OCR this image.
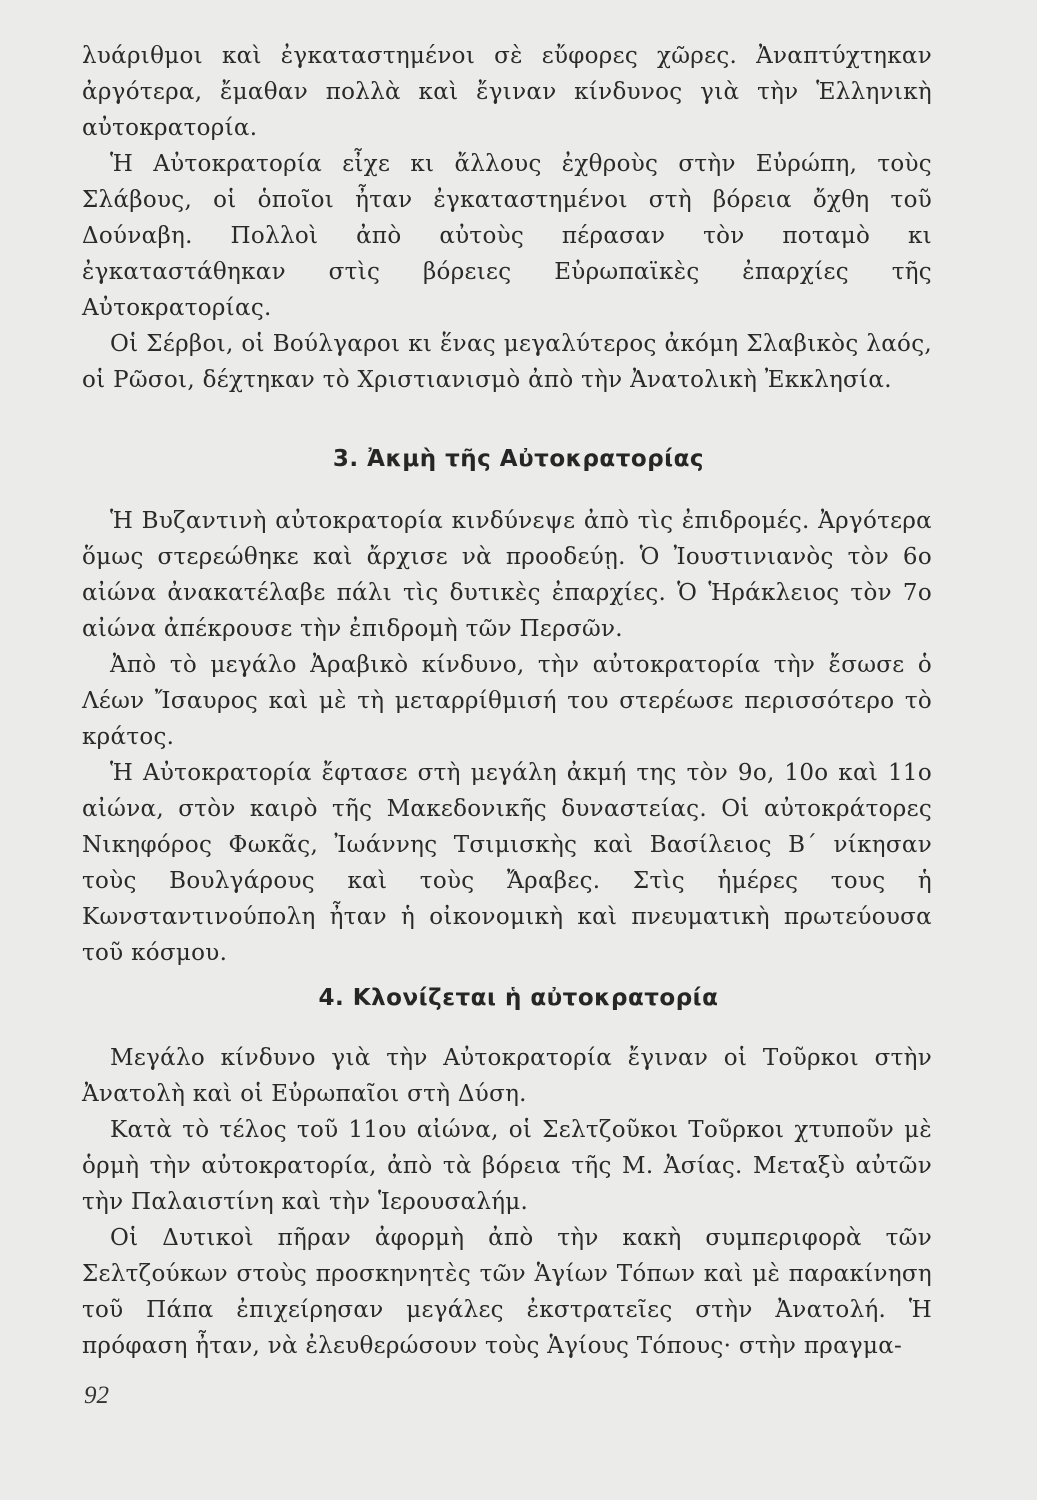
λυάριθμοι καὶ ἐγκαταστημένοι σὲ εὔφορες χῶρες. Ἀναπτύχτηκαν ἀργότερα, ἔμαθαν πολλὰ καὶ ἔγιναν κίνδυνος γιὰ τὴν Ἑλληνικὴ αὐτοκρατορία.

Ἡ Αὐτοκρατορία εἶχε κι ἄλλους ἐχθροὺς στὴν Εὐρώπη, τοὺς Σλάβους, οἱ ὁποῖοι ἦταν ἐγκαταστημένοι στὴ βόρεια ὄχθη τοῦ Δούναβη. Πολλοὶ ἀπὸ αὐτοὺς πέρασαν τὸν ποταμὸ κι ἐγκαταστάθηκαν στὶς βόρειες Εὐρωπαϊκὲς ἐπαρχίες τῆς Αὐτοκρατορίας.

Οἱ Σέρβοι, οἱ Βούλγαροι κι ἕνας μεγαλύτερος ἀκόμη Σλαβικὸς λαός, οἱ Ρῶσοι, δέχτηκαν τὸ Χριστιανισμὸ ἀπὸ τὴν Ἀνατολικὴ Ἐκκλησία.

3. Ἀκμὴ τῆς Αὐτοκρατορίας

Ἡ Βυζαντινὴ αὐτοκρατορία κινδύνεψε ἀπὸ τὶς ἐπιδρομές. Ἀργότερα ὅμως στερεώθηκε καὶ ἄρχισε νὰ προοδεύῃ. Ὁ Ἰουστινιανὸς τὸν 6ο αἰώνα ἀνακατέλαβε πάλι τὶς δυτικὲς ἐπαρχίες. Ὁ Ἡράκλειος τὸν 7ο αἰώνα ἀπέκρουσε τὴν ἐπιδρομὴ τῶν Περσῶν.

Ἀπὸ τὸ μεγάλο Ἀραβικὸ κίνδυνο, τὴν αὐτοκρατορία τὴν ἔσωσε ὁ Λέων Ἴσαυρος καὶ μὲ τὴ μεταρρίθμισή του στερέωσε περισσότερο τὸ κράτος.

Ἡ Αὐτοκρατορία ἔφτασε στὴ μεγάλη ἀκμή της τὸν 9ο, 10ο καὶ 11ο αἰώνα, στὸν καιρὸ τῆς Μακεδονικῆς δυναστείας. Οἱ αὐτοκράτορες Νικηφόρος Φωκᾶς, Ἰωάννης Τσιμισκὴς καὶ Βασίλειος Β΄ νίκησαν τοὺς Βουλγάρους καὶ τοὺς Ἄραβες. Στὶς ἡμέρες τους ἡ Κωνσταντινούπολη ἦταν ἡ οἰκονομικὴ καὶ πνευματικὴ πρωτεύουσα τοῦ κόσμου.

4. Κλονίζεται ἡ αὐτοκρατορία

Μεγάλο κίνδυνο γιὰ τὴν Αὐτοκρατορία ἔγιναν οἱ Τοῦρκοι στὴν Ἀνατολὴ καὶ οἱ Εὐρωπαῖοι στὴ Δύση.

Κατὰ τὸ τέλος τοῦ 11ου αἰώνα, οἱ Σελτζοῦκοι Τοῦρκοι χτυποῦν μὲ ὁρμὴ τὴν αὐτοκρατορία, ἀπὸ τὰ βόρεια τῆς Μ. Ἀσίας. Μεταξὺ αὐτῶν τὴν Παλαιστίνη καὶ τὴν Ἱερουσαλήμ.

Οἱ Δυτικοὶ πῆραν ἀφορμὴ ἀπὸ τὴν κακὴ συμπεριφορὰ τῶν Σελτζούκων στοὺς προσκηνητὲς τῶν Ἁγίων Τόπων καὶ μὲ παρακίνηση τοῦ Πάπα ἐπιχείρησαν μεγάλες ἐκστρατεῖες στὴν Ἀνατολή. Ἡ πρόφαση ἦταν, νὰ ἐλευθερώσουν τοὺς Ἁγίους Τόπους· στὴν πραγμα-

92
